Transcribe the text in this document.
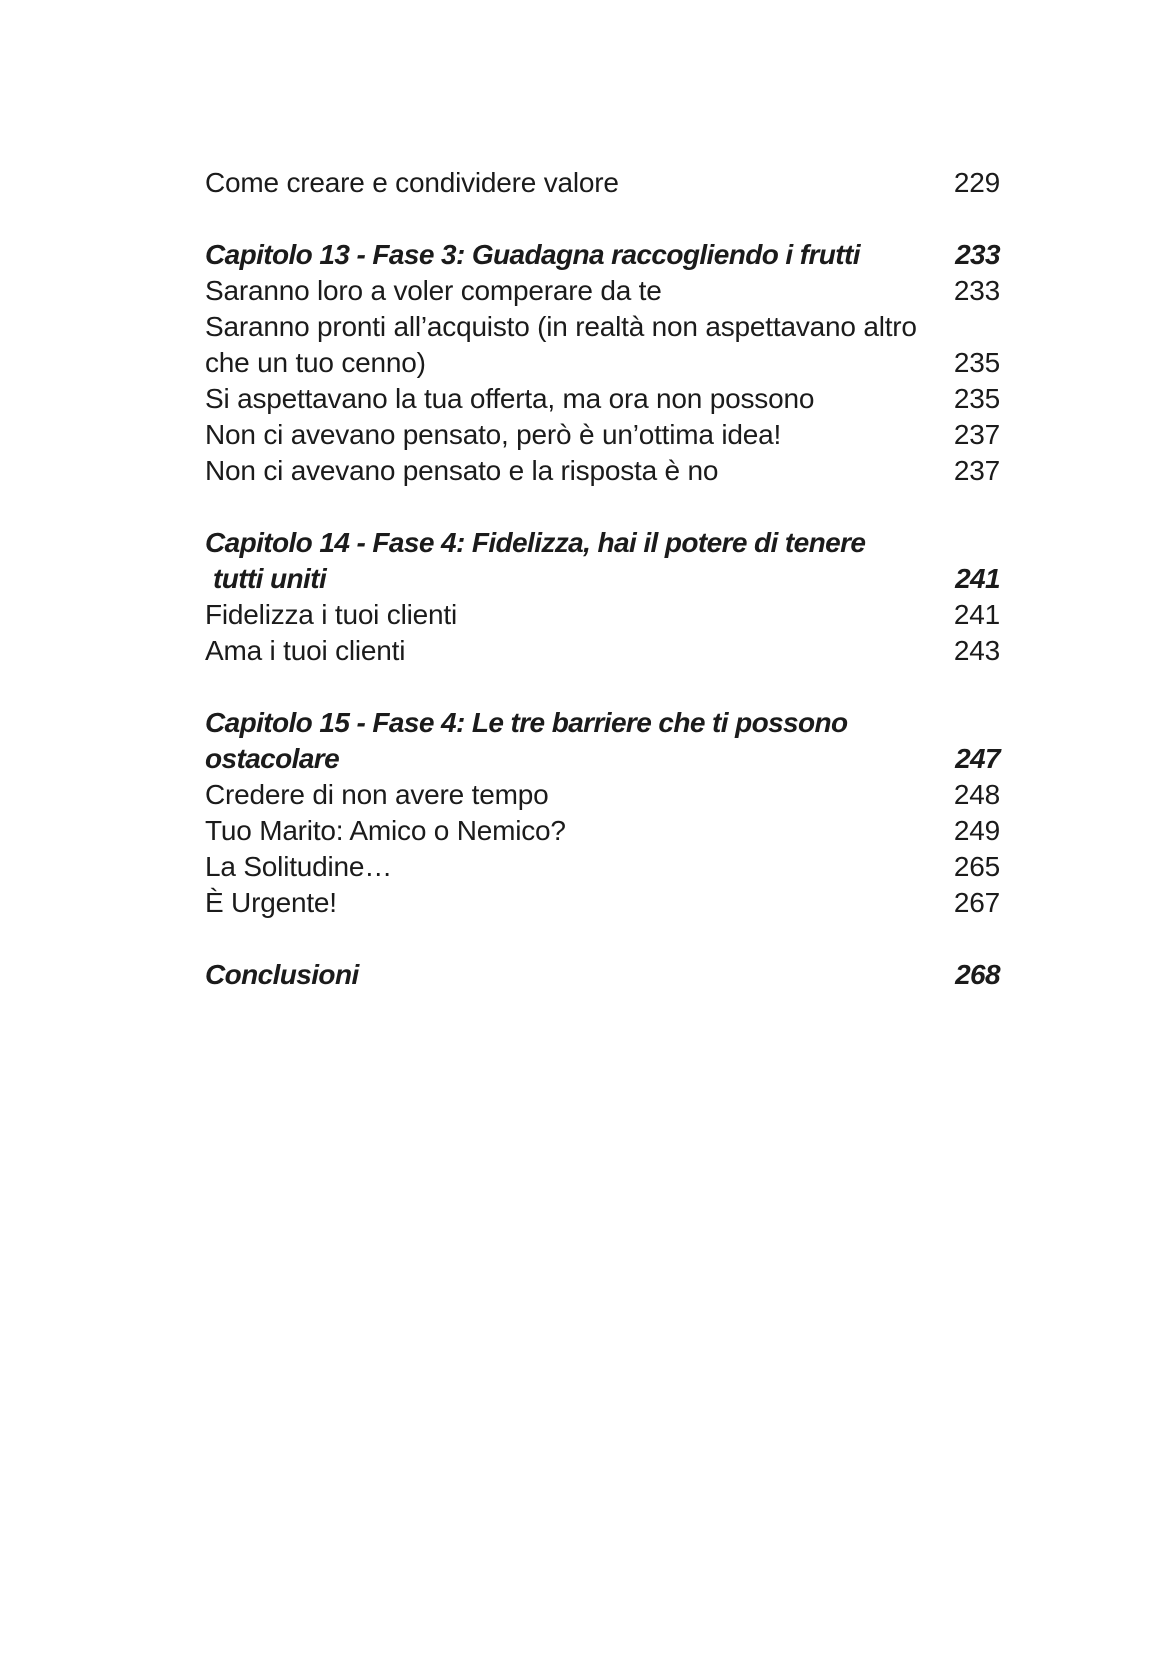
Come creare e condividere valore	229
Capitolo 13 - Fase 3: Guadagna raccogliendo i frutti	233
Saranno loro a voler comperare da te	233
Saranno pronti all’acquisto (in realtà non aspettavano altro
che un tuo cenno)	235
Si aspettavano la tua offerta, ma ora non possono	235
Non ci avevano pensato, però è un’ottima idea!	237
Non ci avevano pensato e la risposta è no	237
Capitolo 14 - Fase 4: Fidelizza, hai il potere di tenere
tutti uniti	241
Fidelizza i tuoi clienti	241
Ama i tuoi clienti	243
Capitolo 15 - Fase 4: Le tre barriere che ti possono
ostacolare	247
Credere di non avere tempo	248
Tuo Marito: Amico o Nemico?	249
La Solitudine…	265
È Urgente!	267
Conclusioni	268
